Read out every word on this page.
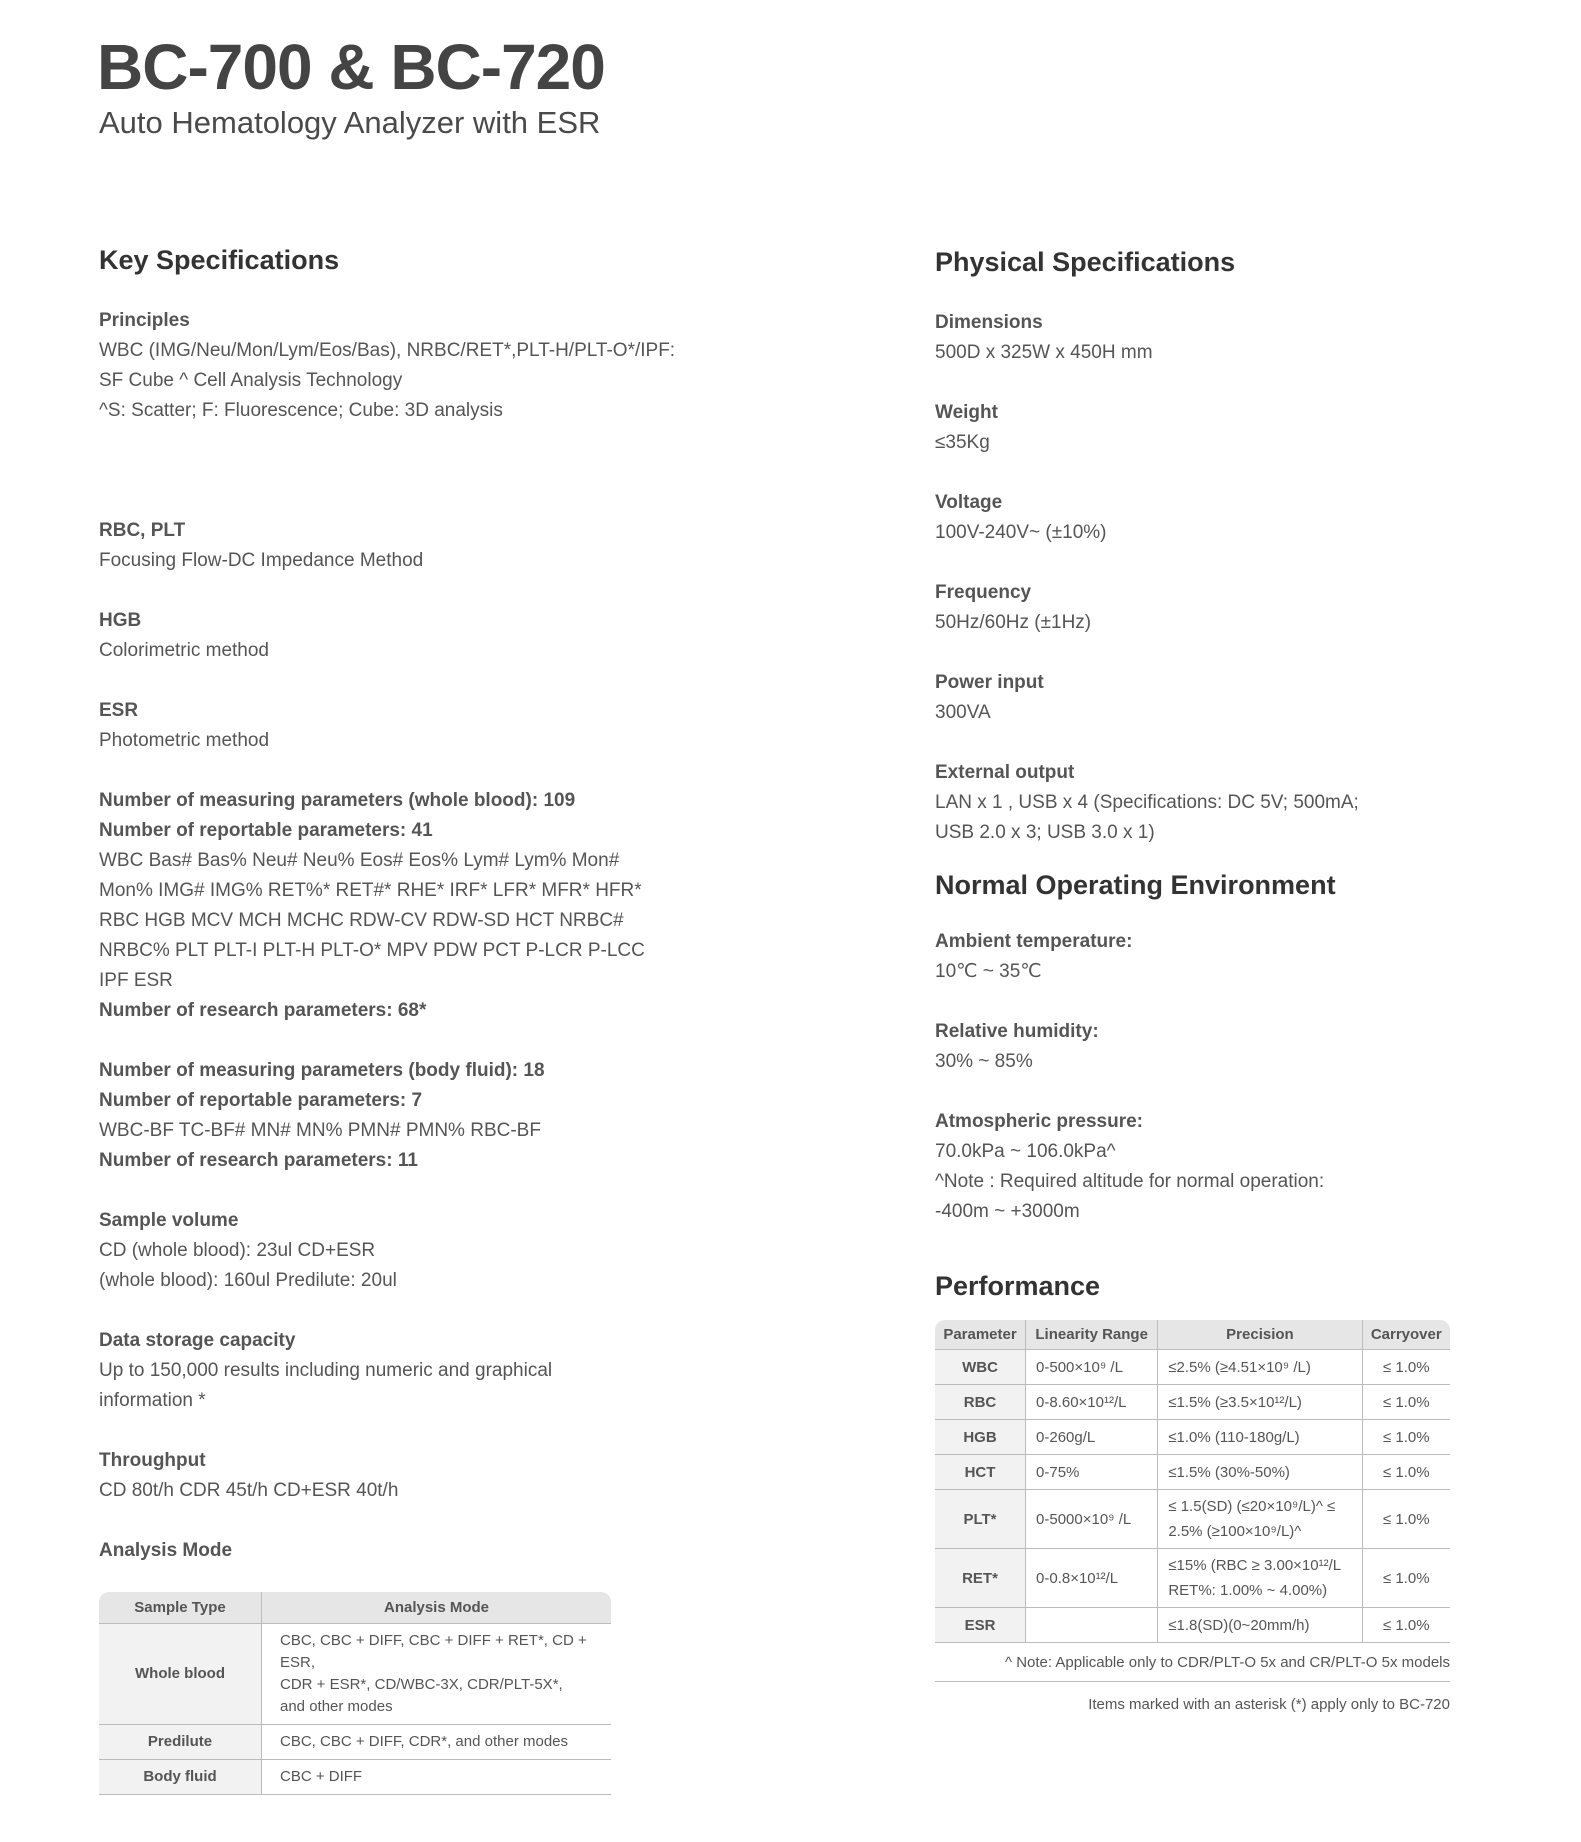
BC-700 & BC-720
Auto Hematology Analyzer with ESR
Key Specifications
Principles
WBC (IMG/Neu/Mon/Lym/Eos/Bas), NRBC/RET*,PLT-H/PLT-O*/IPF:
SF Cube ^ Cell Analysis Technology
^S: Scatter; F: Fluorescence; Cube: 3D analysis
RBC, PLT
Focusing Flow-DC Impedance Method
HGB
Colorimetric method
ESR
Photometric method
Number of measuring parameters (whole blood): 109
Number of reportable parameters: 41
WBC Bas# Bas% Neu# Neu% Eos# Eos% Lym# Lym% Mon#
Mon% IMG# IMG% RET%* RET#* RHE* IRF* LFR* MFR* HFR*
RBC HGB MCV MCH MCHC RDW-CV RDW-SD HCT NRBC#
NRBC% PLT PLT-I PLT-H PLT-O* MPV PDW PCT P-LCR P-LCC
IPF ESR
Number of research parameters: 68*
Number of measuring parameters (body fluid): 18
Number of reportable parameters: 7
WBC-BF TC-BF# MN# MN% PMN# PMN% RBC-BF
Number of research parameters: 11
Sample volume
CD (whole blood): 23ul CD+ESR
(whole blood): 160ul Predilute: 20ul
Data storage capacity
Up to 150,000 results including numeric and graphical
information *
Throughput
CD 80t/h CDR 45t/h CD+ESR 40t/h
Analysis Mode
Sample Type	Analysis Mode
Whole blood	CBC, CBC + DIFF, CBC + DIFF + RET*, CD + ESR,
CDR + ESR*, CD/WBC-3X, CDR/PLT-5X*,
and other modes

Predilute	CBC, CBC + DIFF, CDR*, and other modes
Body fluid	CBC + DIFF
Physical Specifications
Dimensions
500D x 325W x 450H mm
Weight
≤35Kg
Voltage
100V-240V~ (±10%)
Frequency
50Hz/60Hz (±1Hz)
Power input
300VA
External output
LAN x 1 , USB x 4 (Specifications: DC 5V; 500mA;
USB 2.0 x 3; USB 3.0 x 1)
Normal Operating Environment
Ambient temperature:
10℃ ~ 35℃
Relative humidity:
30% ~ 85%
Atmospheric pressure:
70.0kPa ~ 106.0kPa^
^Note : Required altitude for normal operation:
-400m ~ +3000m
Performance
Parameter	Linearity Range	Precision	Carryover
WBC	0-500×10⁹ /L	≤2.5% (≥4.51×10⁹ /L)	≤ 1.0%
RBC	0-8.60×10¹²/L	≤1.5% (≥3.5×10¹²/L)	≤ 1.0%
HGB	0-260g/L	≤1.0% (110-180g/L)	≤ 1.0%
HCT	0-75%	≤1.5% (30%-50%)	≤ 1.0%
PLT*	0-5000×10⁹ /L	≤ 1.5(SD) (≤20×10⁹/L)^ ≤
2.5% (≥100×10⁹/L)^	≤ 1.0%
RET*	0-0.8×10¹²/L	≤15% (RBC ≥ 3.00×10¹²/L
RET%: 1.00% ~ 4.00%)	≤ 1.0%
ESR		≤1.8(SD)(0~20mm/h)	≤ 1.0%
^ Note: Applicable only to CDR/PLT-O 5x and CR/PLT-O 5x models			
Items marked with an asterisk (*) apply only to BC-720
